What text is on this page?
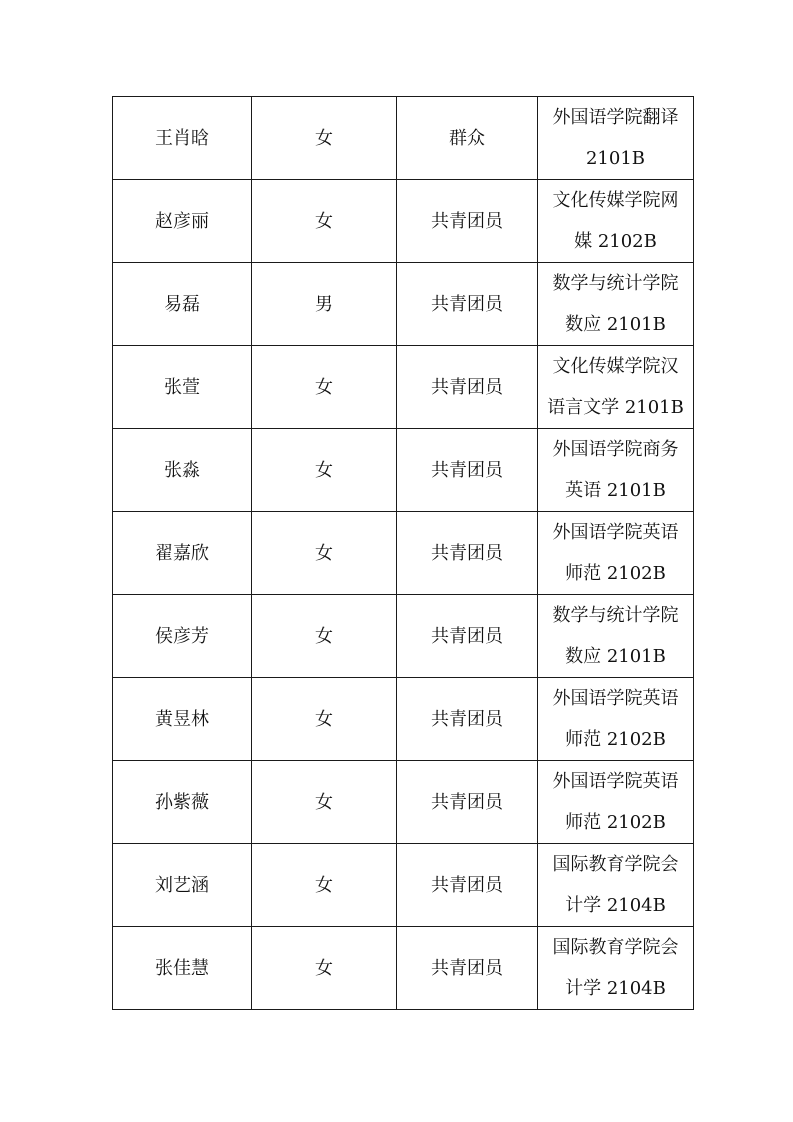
王肖晗	女	群众	外国语学院翻译
2101B

赵彦丽	女	共青团员	文化传媒学院网
媒 2102B

易磊	男	共青团员	数学与统计学院
数应 2101B

张萱	女	共青团员	文化传媒学院汉
语言文学 2101B

张淼	女	共青团员	外国语学院商务
英语 2101B

翟嘉欣	女	共青团员	外国语学院英语
师范 2102B

侯彦芳	女	共青团员	数学与统计学院
数应 2101B

黄昱林	女	共青团员	外国语学院英语
师范 2102B

孙紫薇	女	共青团员	外国语学院英语
师范 2102B

刘艺涵	女	共青团员	国际教育学院会
计学 2104B

张佳慧	女	共青团员	国际教育学院会
计学 2104B
